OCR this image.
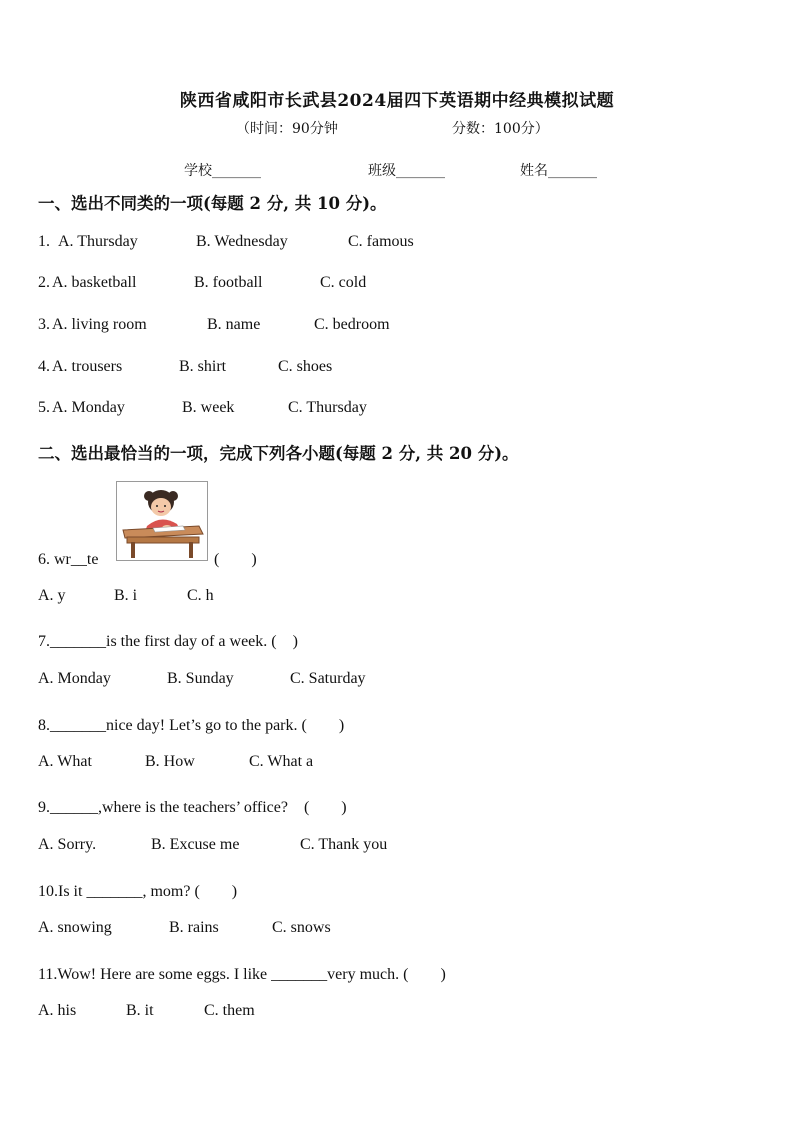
陕西省咸阳市长武县2024届四下英语期中经典模拟试题
（时间：90分钟	分数：100分）
学校_______	班级_______	姓名_______
一、选出不同类的一项(每题 2 分, 共 10 分)。
1.A. Thursday	B. Wednesday	C. famous
2. A. basketball	B. football	C. cold
3. A. living room	B. name	C. bedroom
4. A. trousers	B. shirt	C. shoes
5. A. Monday	B. week	C. Thursday
二、选出最恰当的一项，完成下列各小题(每题 2 分, 共 20 分)。
6. wr__te	(　　)
A. y	B. i	C. h
7._______is the first day of a week. (　)
A. Monday	B. Sunday	C. Saturday
8._______nice day! Let’s go to the park. (　　)
A. What	B. How	C. What a
9.______,where is the teachers’ office?　(　　)
A. Sorry.	B. Excuse me	C. Thank you
10.Is it _______, mom? (　　)
A. snowing	B. rains	C. snows
11.Wow! Here are some eggs. I like _______very much. (　　)
A. his	B. it	C. them
